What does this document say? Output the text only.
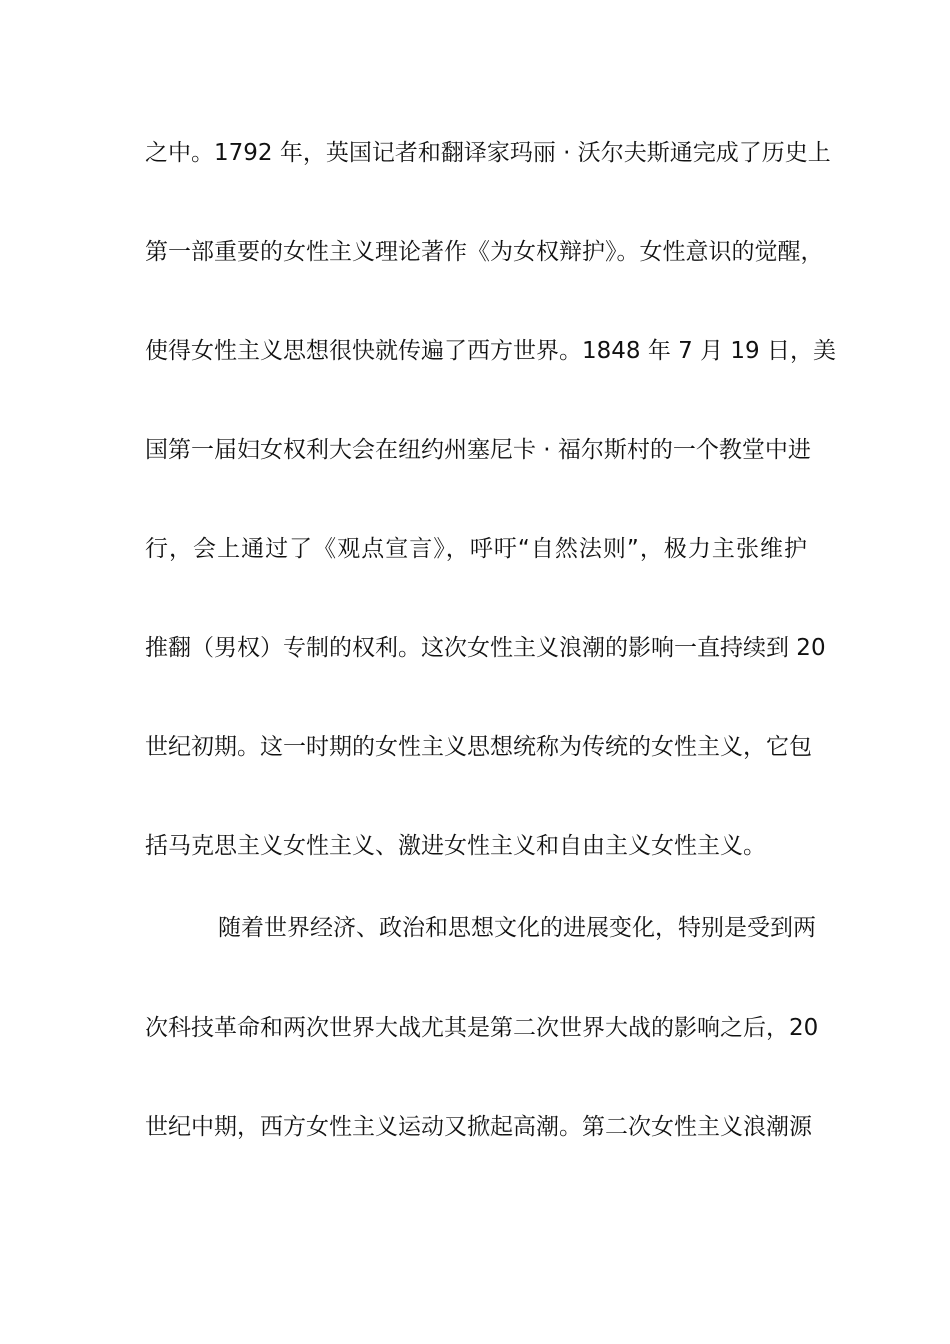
之中。1792 年，英国记者和翻译家玛丽 · 沃尔夫斯通完成了历史上
第一部重要的女性主义理论著作《为女权辩护》。女性意识的觉醒，
使得女性主义思想很快就传遍了西方世界。1848 年 7 月 19 日，美
国第一届妇女权利大会在纽约州塞尼卡 · 福尔斯村的一个教堂中进
行，会上通过了《观点宣言》，呼吁“自然法则”，极力主张维护
推翻（男权）专制的权利。这次女性主义浪潮的影响一直持续到 20
世纪初期。这一时期的女性主义思想统称为传统的女性主义，它包
括马克思主义女性主义、激进女性主义和自由主义女性主义。
随着世界经济、政治和思想文化的进展变化，特别是受到两
次科技革命和两次世界大战尤其是第二次世界大战的影响之后，20
世纪中期，西方女性主义运动又掀起高潮。第二次女性主义浪潮源
